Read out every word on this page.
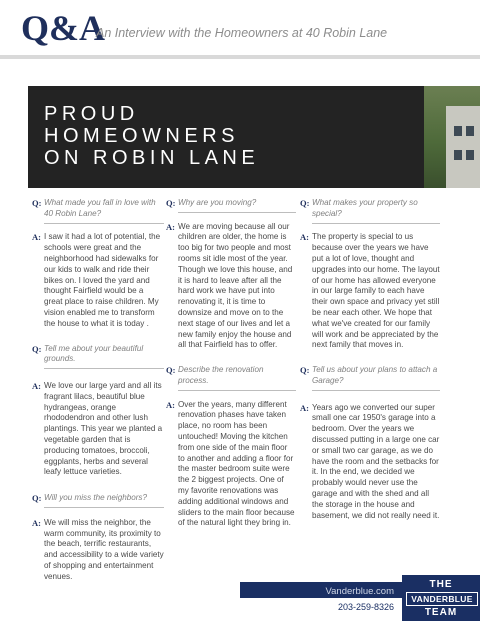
Q&A
An Interview with the Homeowners at 40 Robin Lane
PROUD
HOMEOWNERS
ON ROBIN LANE
Q: What made you fall in love with 40 Robin Lane?
A: I saw it had a lot of potential, the schools were great and the neighborhood had sidewalks for our kids to walk and ride their bikes on. I loved the yard and thought Fairfield would be a great place to raise children. My vision enabled me to transform the house to what it is today .
Q: Tell me about your beautiful grounds.
A: We love our large yard and all its fragrant lilacs, beautiful blue hydrangeas, orange rhododendron and other lush plantings. This year we planted a vegetable garden that is producing tomatoes, broccoli, eggplants, herbs and several leafy lettuce varieties.
Q: Will you miss the neighbors?
A: We will miss the neighbor, the warm community, its proximity to the beach, terrific restaurants, and accessibility to a wide variety of shopping and entertainment venues.
Q: Why are you moving?
A: We are moving because all our children are older, the home is too big for two people and most rooms sit idle most of the year. Though we love this house, and it is hard to leave after all the hard work we have put into renovating it, it is time to downsize and move on to the next stage of our lives and let a new family enjoy the house and all that Fairfield has to offer.
Q: Describe the renovation process.
A: Over the years, many different renovation phases have taken place, no room has been untouched! Moving the kitchen from one side of the main floor to another and adding a floor for the master bedroom suite were the 2 biggest projects. One of my favorite renovations was adding additional windows and sliders to the main floor because of the natural light they bring in.
Q: What makes your property so special?
A: The property is special to us because over the years we have put a lot of love, thought and upgrades into our home. The layout of our home has allowed everyone in our large family to each have their own space and privacy yet still be near each other. We hope that what we've created for our family will work and be appreciated by the next family that moves in.
Q: Tell us about your plans to attach a Garage?
A: Years ago we converted our super small one car 1950's garage into a bedroom. Over the years we discussed putting in a large one car or small two car garage, as we do have the room and the setbacks for it. In the end, we decided we probably would never use the garage and with the shed and all the storage in the house and basement, we did not really need it.
Vanderblue.com
203-259-8326
THE
VANDERBLUE
TEAM
